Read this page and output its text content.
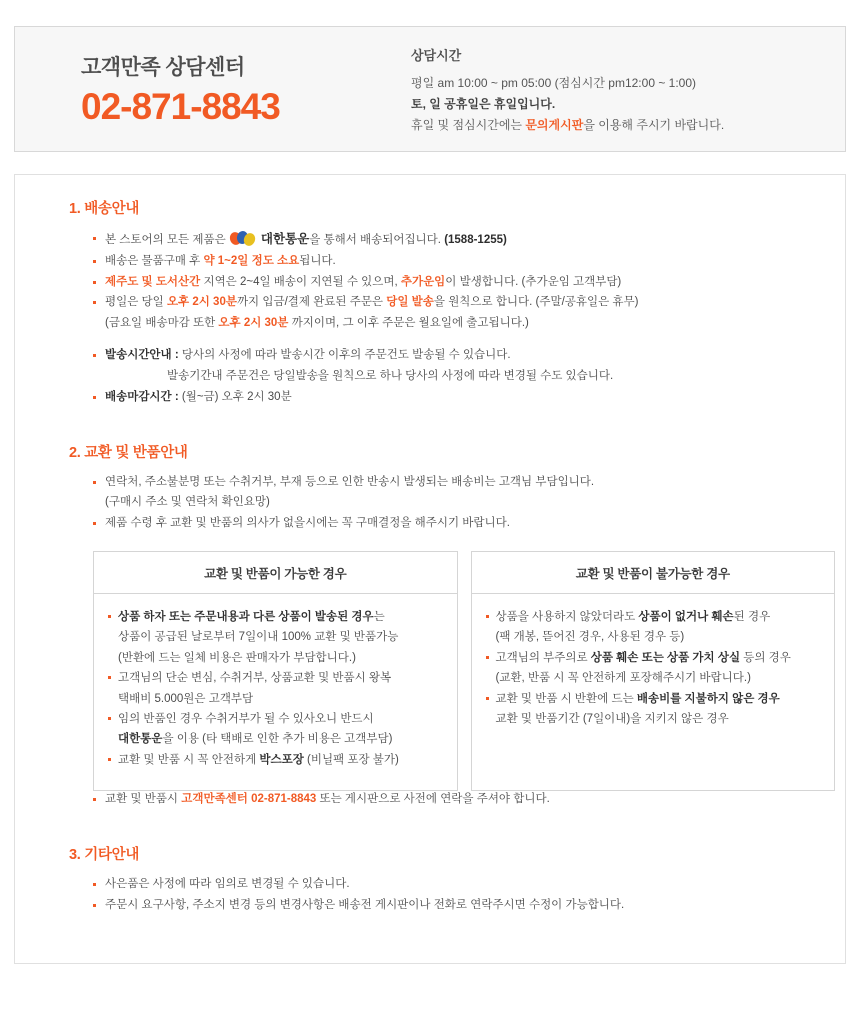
고객만족 상담센터
02-871-8843
상담시간
평일 am 10:00 ~ pm 05:00 (점심시간 pm12:00 ~ 1:00)
토, 일 공휴일은 휴일입니다.
휴일 및 점심시간에는 문의게시판을 이용해 주시기 바랍니다.
1. 배송안내
본 스토어의 모든 제품은	대한통운을 통해서 배송되어집니다. (1588-1255)
배송은 물품구매 후 약 1~2일 정도 소요됩니다.
제주도 및 도서산간 지역은 2~4일 배송이 지연될 수 있으며, 추가운임이 발생합니다. (추가운임 고객부담)
평일은 당일 오후 2시 30분까지 입금/결제 완료된 주문은 당일 발송을 원칙으로 합니다. (주말/공휴일은 휴무)
(금요일 배송마감 또한 오후 2시 30분 까지이며, 그 이후 주문은 월요일에 출고됩니다.)
발송시간안내 : 당사의 사정에 따라 발송시간 이후의 주문건도 발송될 수 있습니다.
발송기간내 주문건은 당일발송을 원칙으로 하나 당사의 사정에 따라 변경될 수도 있습니다.
배송마감시간 : (월~금) 오후 2시 30분
2. 교환 및 반품안내
연락처, 주소불분명 또는 수취거부, 부재 등으로 인한 반송시 발생되는 배송비는 고객님 부담입니다.
(구매시 주소 및 연락처 확인요망)
제품 수령 후 교환 및 반품의 의사가 없을시에는 꼭 구매결정을 해주시기 바랍니다.
교환 및 반품이 가능한 경우
상품 하자 또는 주문내용과 다른 상품이 발송된 경우는
상품이 공급된 날로부터 7일이내 100% 교환 및 반품가능
(반환에 드는 일체 비용은 판매자가 부담합니다.)
고객님의 단순 변심, 수취거부, 상품교환 및 반품시 왕복
택배비 5.000원은 고객부담
임의 반품인 경우 수취거부가 될 수 있사오니 반드시
대한통운을 이용 (타 택배로 인한 추가 비용은 고객부담)
교환 및 반품 시 꼭 안전하게 박스포장 (비닐팩 포장 불가)
교환 및 반품이 불가능한 경우
상품을 사용하지 않았더라도 상품이 없거나 훼손된 경우
(팩 개봉, 뜯어진 경우, 사용된 경우 등)
고객님의 부주의로 상품 훼손 또는 상품 가치 상실 등의 경우
(교환, 반품 시 꼭 안전하게 포장해주시기 바랍니다.)
교환 및 반품 시 반환에 드는 배송비를 지불하지 않은 경우
교환 및 반품기간 (7일이내)을 지키지 않은 경우
교환 및 반품시 고객만족센터 02-871-8843 또는 게시판으로 사전에 연락을 주셔야 합니다.
3. 기타안내
사은품은 사정에 따라 임의로 변경될 수 있습니다.
주문시 요구사항, 주소지 변경 등의 변경사항은 배송전 게시판이나 전화로 연락주시면 수정이 가능합니다.
